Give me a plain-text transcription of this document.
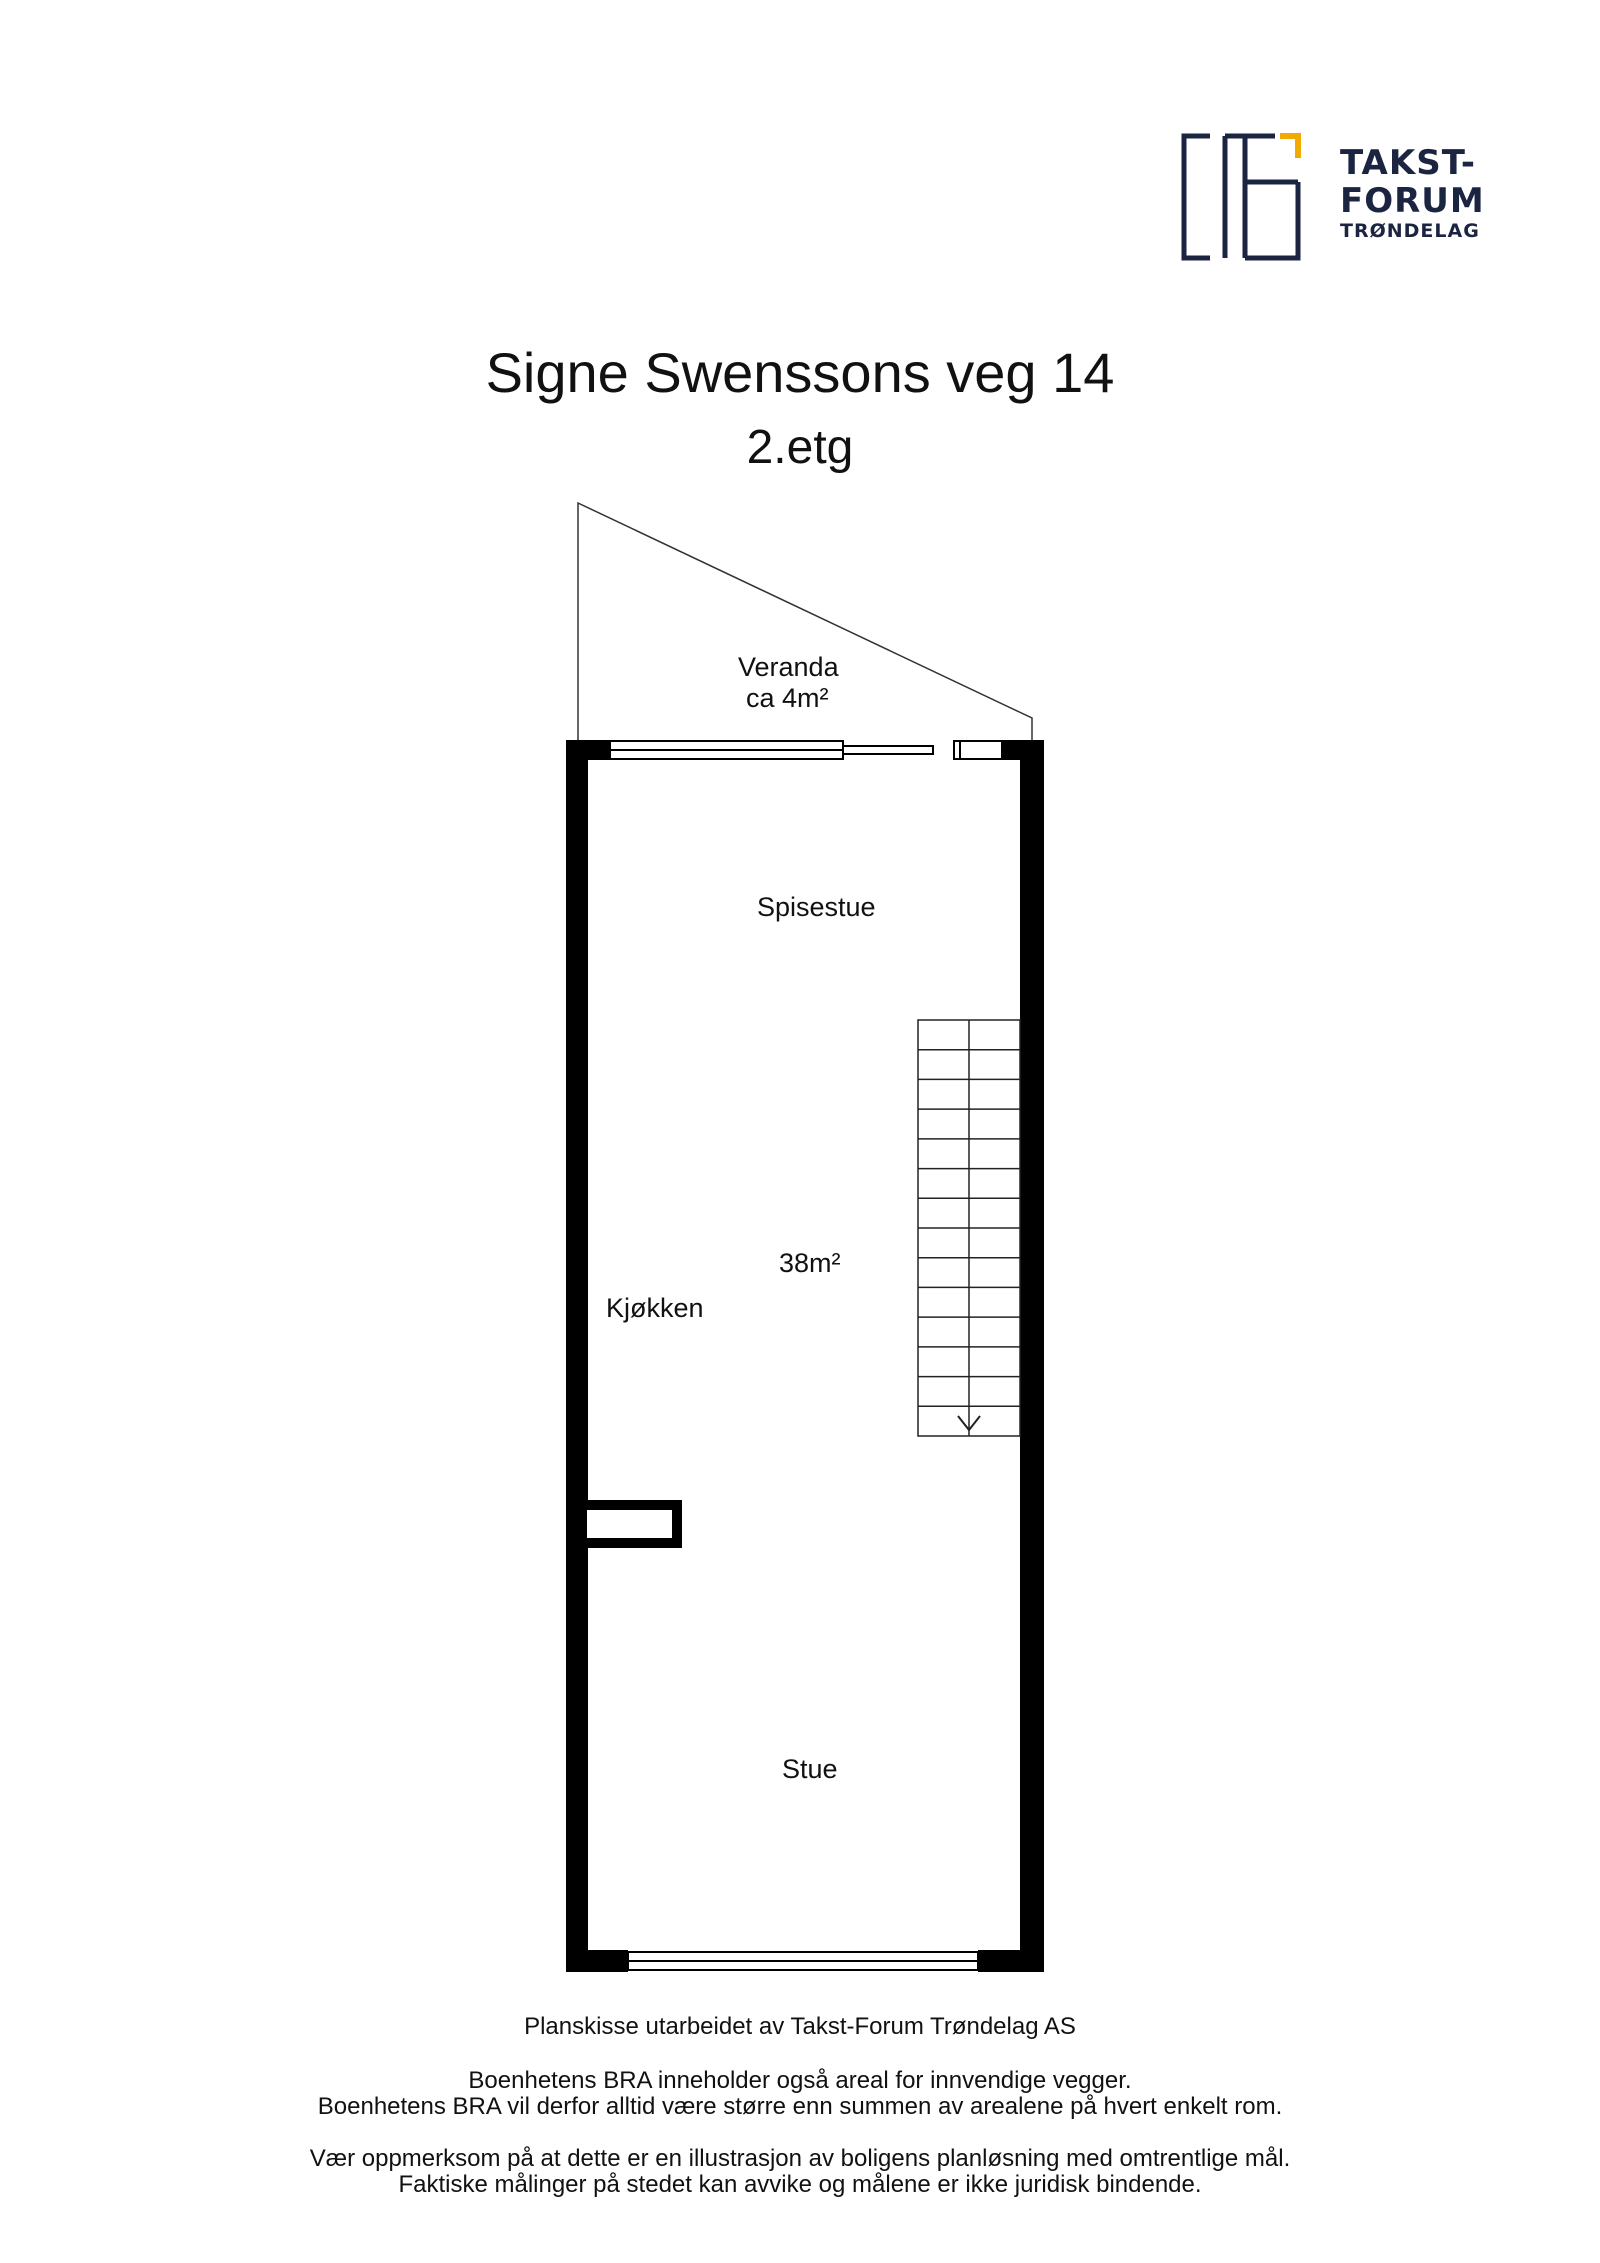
TAKST-
FORUM
TRØNDELAG
Signe Swenssons veg 14
2.etg
Veranda
ca 4m²
Spisestue
38m²
Kjøkken
Stue
Planskisse utarbeidet av Takst-Forum Trøndelag AS
Boenhetens BRA inneholder også areal for innvendige vegger.
Boenhetens BRA vil derfor alltid være større enn summen av arealene på hvert enkelt rom.
Vær oppmerksom på at dette er en illustrasjon av boligens planløsning med omtrentlige mål.
Faktiske målinger på stedet kan avvike og målene er ikke juridisk bindende.
